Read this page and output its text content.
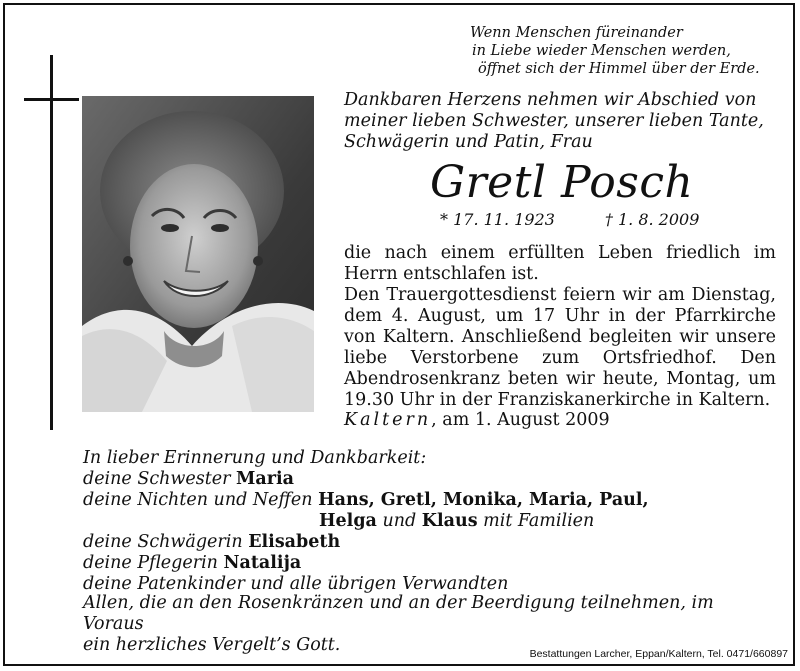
Wenn Menschen füreinander
in Liebe wieder Menschen werden,
öffnet sich der Himmel über der Erde.
Dankbaren Herzens nehmen wir Abschied von
meiner lieben Schwester, unserer lieben Tante,
Schwägerin und Patin, Frau
Gretl Posch
* 17. 11. 1923	† 1. 8. 2009

die nach einem erfüllten Leben friedlich im Herrn entschlafen ist.

Den Trauergottesdienst feiern wir am Dienstag, dem 4. August, um 17 Uhr in der Pfarrkirche von Kaltern. Anschließend begleiten wir unsere liebe Verstorbene zum Ortsfriedhof. Den Abendrosenkranz beten wir heute, Montag, um 19.30 Uhr in der Franziskanerkirche in Kaltern.

Kaltern, am 1. August 2009
In lieber Erinnerung und Dankbarkeit:
deine Schwester Maria
deine Nichten und Neffen Hans, Gretl, Monika, Maria, Paul,
Helga und Klaus mit Familien
deine Schwägerin Elisabeth
deine Pflegerin Natalija
deine Patenkinder und alle übrigen Verwandten
Allen, die an den Rosenkränzen und an der Beerdigung teilnehmen, im Voraus
ein herzliches Vergelt’s Gott.	Bestattungen Larcher, Eppan/Kaltern, Tel. 0471/660897
